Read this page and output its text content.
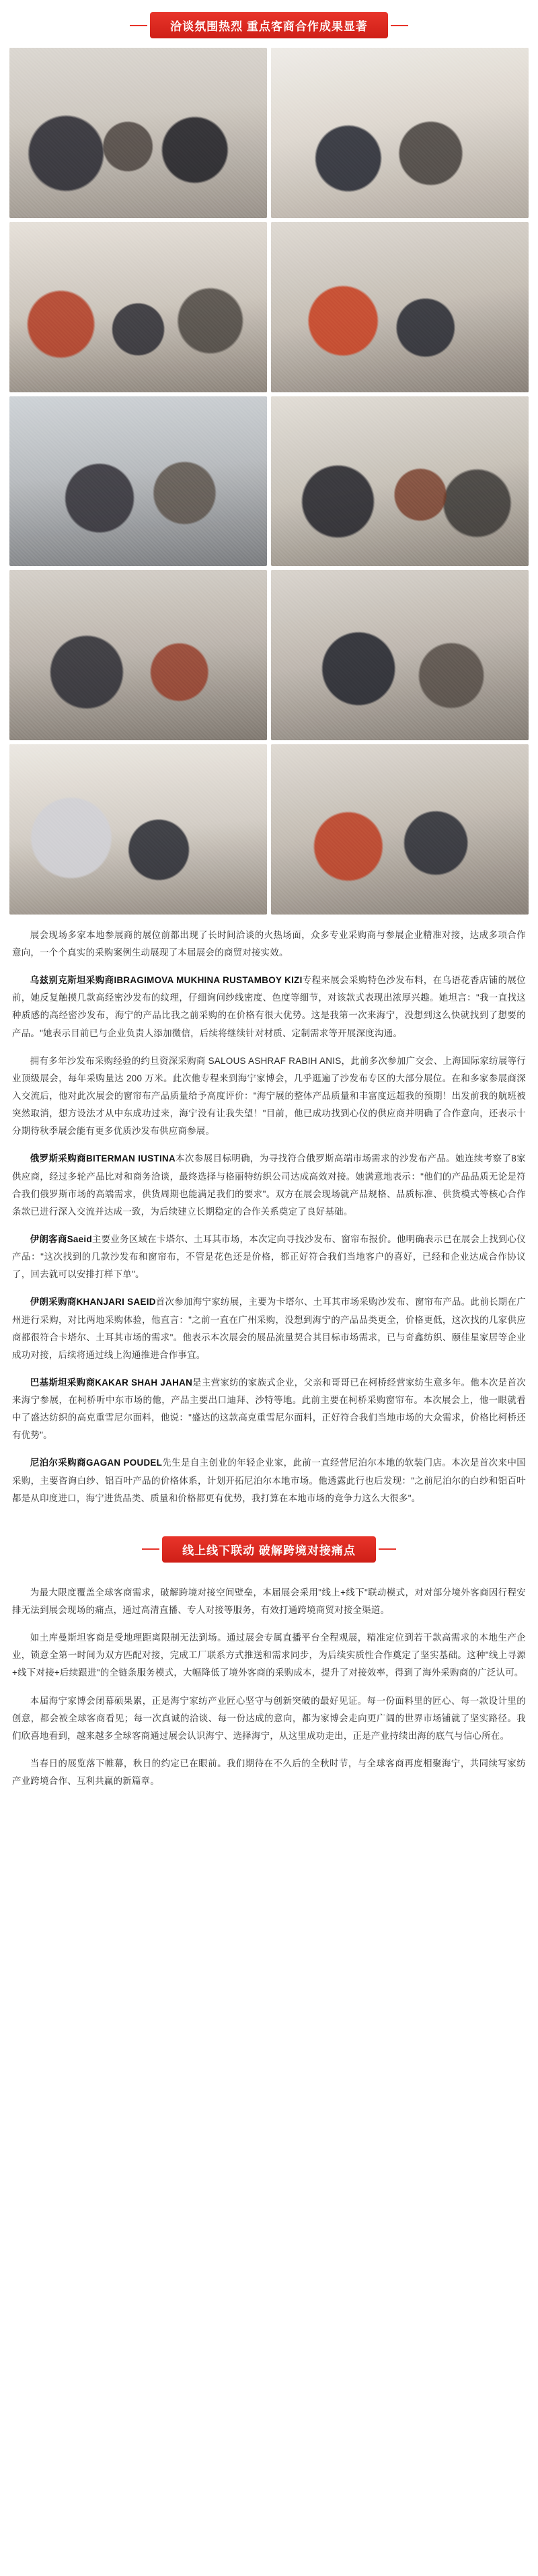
洽谈氛围热烈 重点客商合作成果显著

展会现场多家本地参展商的展位前都出现了长时间洽谈的火热场面，众多专业采购商与参展企业精准对接，达成多项合作意向，一个个真实的采购案例生动展现了本届展会的商贸对接实效。

乌兹别克斯坦采购商IBRAGIMOVA MUKHINA RUSTAMBOY KIZI专程来展会采购特色沙发布料，在乌语花香店铺的展位前，她反复触摸几款高经密沙发布的纹理，仔细询问纱线密度、色度等细节，对该款式表现出浓厚兴趣。她坦言："我一直找这种质感的高经密沙发布，海宁的产品比我之前采购的在价格有很大优势。这是我第一次来海宁，没想到这么快就找到了想要的产品。"她表示目前已与企业负责人添加微信，后续将继续针对材质、定制需求等开展深度沟通。

拥有多年沙发布采购经验的约旦资深采购商 SALOUS ASHRAF RABIH ANIS，此前多次参加广交会、上海国际家纺展等行业顶级展会，每年采购量达 200 万米。此次他专程来到海宁家博会，几乎逛遍了沙发布专区的大部分展位。在和多家参展商深入交流后，他对此次展会的窗帘布产品质量给予高度评价："海宁展的整体产品质量和丰富度远超我的预期！出发前我的航班被突然取消，想方设法才从中东成功过来，海宁没有让我失望！"目前，他已成功找到心仪的供应商并明确了合作意向，还表示十分期待秋季展会能有更多优质沙发布供应商参展。

俄罗斯采购商BITERMAN IUSTINA本次参展目标明确，为寻找符合俄罗斯高端市场需求的沙发布产品。她连续考察了8家供应商，经过多轮产品比对和商务洽谈，最终选择与格丽特纺织公司达成高效对接。她满意地表示："他们的产品品质无论是符合我们俄罗斯市场的高端需求，供货周期也能满足我们的要求"。双方在展会现场就产品规格、品质标准、供货模式等核心合作条款已进行深入交流并达成一致，为后续建立长期稳定的合作关系奠定了良好基础。

伊朗客商Saeid主要业务区域在卡塔尔、土耳其市场，本次定向寻找沙发布、窗帘布报价。他明确表示已在展会上找到心仪产品："这次找到的几款沙发布和窗帘布，不管是花色还是价格，都正好符合我们当地客户的喜好，已经和企业达成合作协议了，回去就可以安排打样下单"。

伊朗采购商KHANJARI SAEID首次参加海宁家纺展，主要为卡塔尔、土耳其市场采购沙发布、窗帘布产品。此前长期在广州进行采购，对比两地采购体验，他直言："之前一直在广州采购，没想到海宁的产品品类更全，价格更低，这次找的几家供应商都很符合卡塔尔、土耳其市场的需求"。他表示本次展会的展品流量契合其目标市场需求，已与奇鑫纺织、颐佳星家居等企业成功对接，后续将通过线上沟通推进合作事宜。

巴基斯坦采购商KAKAR SHAH JAHAN是主营家纺的家族式企业，父亲和哥哥已在柯桥经营家纺生意多年。他本次是首次来海宁参展，在柯桥听中东市场的他，产品主要出口迪拜、沙特等地。此前主要在柯桥采购窗帘布。本次展会上，他一眼就看中了盛达纺织的高克重雪尼尔面料，他说："盛达的这款高克重雪尼尔面料，正好符合我们当地市场的大众需求，价格比柯桥还有优势"。

尼泊尔采购商GAGAN POUDEL先生是自主创业的年轻企业家，此前一直经营尼泊尔本地的软装门店。本次是首次来中国采购，主要咨询白纱、铝百叶产品的价格体系，计划开拓尼泊尔本地市场。他透露此行也后发现："之前尼泊尔的白纱和铝百叶都是从印度进口，海宁进货品类、质量和价格都更有优势，我打算在本地市场的竞争力这么大很多"。

线上线下联动 破解跨境对接痛点

为最大限度覆盖全球客商需求，破解跨境对接空间壁垒，本届展会采用"线上+线下"联动模式，对对部分境外客商因行程安排无法到展会现场的痛点，通过高清直播、专人对接等服务，有效打通跨境商贸对接全渠道。

如土库曼斯坦客商是受地理距离限制无法到场。通过展会专属直播平台全程观展，精准定位到若干款高需求的本地生产企业，锁意全第一时间为双方匹配对接，完成工厂联系方式推送和需求同步，为后续实质性合作奠定了坚实基础。这种"线上寻源+线下对接+后续跟进"的全链条服务模式，大幅降低了境外客商的采购成本，提升了对接效率，得到了海外采购商的广泛认可。

本届海宁家博会闭幕硕果累，正是海宁家纺产业匠心坚守与创新突破的最好见证。每一份面料里的匠心、每一款设计里的创意，都会被全球客商看见；每一次真诚的洽谈、每一份达成的意向，都为家博会走向更广阔的世界市场铺就了坚实路径。我们欣喜地看到，越来越多全球客商通过展会认识海宁、选择海宁，从这里成功走出，正是产业持续出海的底气与信心所在。

当春日的展览落下帷幕，秋日的约定已在眼前。我们期待在不久后的全秋时节，与全球客商再度相聚海宁，共同续写家纺产业跨境合作、互利共赢的新篇章。
